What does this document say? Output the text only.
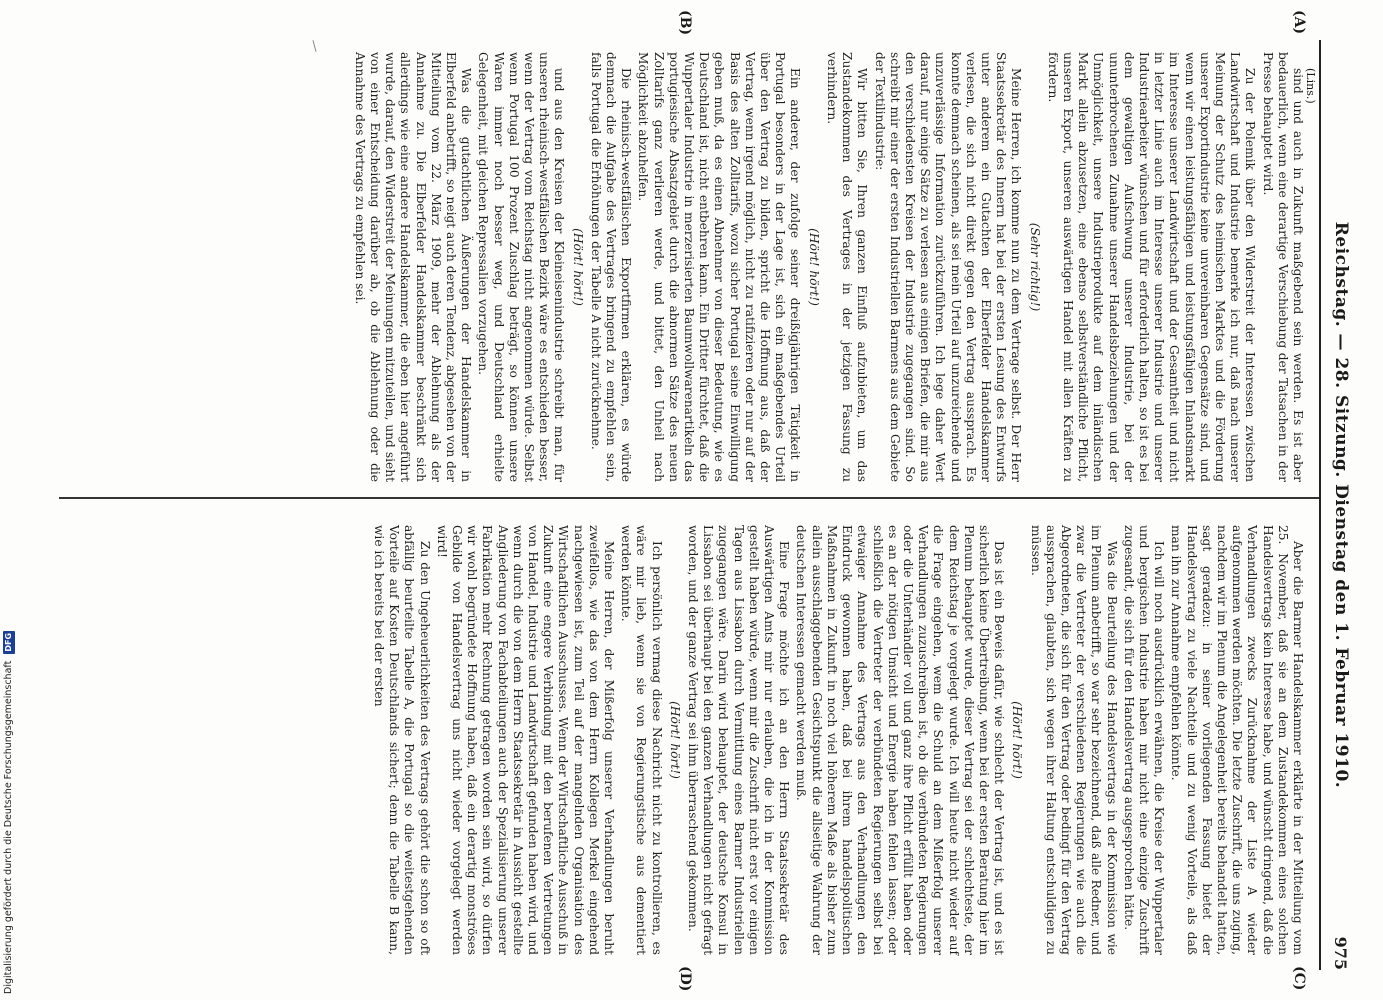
Reichstag. — 28. Sitzung. Dienstag den 1. Februar 1910.
975
(Lins.)
(A)
(B)
(C)
(D)

sind und auch in Zukunft maßgebend sein werden. Es ist aber bedauerlich, wenn eine derartige Verschiebung der Tatsachen in der Presse behauptet wird.

Zu der Polemik über den Widerstreit der Interessen zwischen Landwirtschaft und Industrie bemerke ich nur, daß nach unserer Meinung der Schutz des heimischen Marktes und die Förderung unserer Exportindustrie keine unvereinbaren Gegensätze sind, und wenn wir einen leistungsfähigen und leistungsfähigen Inlandsmarkt im Interesse unserer Landwirtschaft und der Gesamtheit und nicht in letzter Linie auch im Interesse unserer Industrie und unserer Industriearbeiter wünschen und für erforderlich halten, so ist es bei dem gewaltigen Aufschwung unserer Industrie, bei der ununterbrochenen Zunahme unserer Handelsbeziehungen und der Unmöglichkeit, unsere Industrieprodukte auf dem inländischen Markt allein abzusetzen, eine ebenso selbstverständliche Pflicht, unseren Export, unseren auswärtigen Handel mit allen Kräften zu fördern.

(Sehr richtig!)

Meine Herren, ich komme nun zu dem Vertrage selbst. Der Herr Staatssekretär des Innern hat bei der ersten Lesung des Entwurfs unter anderem ein Gutachten der Elberfelder Handelskammer verlesen, die sich nicht direkt gegen den Vertrag aussprach. Es konnte demnach scheinen, als sei mein Urteil auf unzureichende und unzuverlässige Information zurückzuführen. Ich lege daher Wert darauf, nur einige Sätze zu verlesen aus einigen Briefen, die mir aus den verschiedensten Kreisen der Industrie zugegangen sind. So schreibt mir einer der ersten Industriellen Barmens aus dem Gebiete der Textilindustrie:

Wir bitten Sie, Ihren ganzen Einfluß aufzubieten, um das Zustandekommen des Vertrages in der jetzigen Fassung zu verhindern.

(Hört! hört!)

Ein anderer, der zufolge seiner dreißigjährigen Tätigkeit in Portugal besonders in der Lage ist, sich ein maßgebendes Urteil über den Vertrag zu bilden, spricht die Hoffnung aus, daß der Vertrag, wenn irgend möglich, nicht zu ratifizieren oder nur auf der Basis des alten Zolltarifs, wozu sicher Portugal seine Einwilligung geben muß, da es einen Abnehmer von dieser Bedeutung, wie es Deutschland ist, nicht entbehren kann. Ein Dritter fürchtet, daß die Wuppertaler Industrie in merzerisierten Baumwollwarenartikeln das portugiesische Absatzgebiet durch die abnormen Sätze des neuen Zolltarifs ganz verlieren werde, und bittet, den Unheil nach Möglichkeit abzuhelfen.

Die rheinisch-westfälischen Exportfirmen erklären, es würde demnach die Aufgabe des Vertrages bringend zu empfehlen sein, falls Portugal die Erhöhungen der Tabelle A nicht zurücknehme.

(Hört! hört!)

und aus den Kreisen der Kleineisenindustrie schreibt man, für unseren rheinisch-westfälischen Bezirk wäre es entschieden besser, wenn der Vertrag vom Reichstag nicht angenommen würde. Selbst wenn Portugal 100 Prozent Zuschlag beträgt, so können unsere Waren immer noch besser weg, und Deutschland erhielte Gelegenheit, mit gleichen Repressalien vorzugehen.

Was die gutachtlichen Äußerungen der Handelskammer in Elberfeld anbetrifft, so neigt auch deren Tendenz, abgesehen von der Mitteilung vom 22. März 1909, mehr der Ablehnung als der Annahme zu. Die Elberfelder Handelskammer beschränkt sich allerdings wie eine andere Handelskammer, die eben hier angeführt wurde, darauf, den Widerstreit der Meinungen mitzuteilen, und sieht von einer Entscheidung darüber ab, ob die Ablehnung oder die Annahme des Vertrags zu empfehlen sei.

Aber die Barmer Handelskammer erklärte in der Mitteilung vom 25. November, daß sie an dem Zustandekommen eines solchen Handelsvertrags kein Interesse habe, und wünscht dringend, daß die Verhandlungen zwecks Zurücknahme der Liste A wieder aufgenommen werden möchten. Die letzte Zuschrift, die uns zuging, nachdem wir im Plenum die Angelegenheit bereits behandelt hatten, sagt geradezu: in seiner vorliegenden Fassung bietet der Handelsvertrag zu viele Nachteile und zu wenig Vorteile, als daß man ihn zur Annahme empfehlen könnte.

Ich will noch ausdrücklich erwähnen, die Kreise der Wuppertaler und bergischen Industrie haben mir nicht eine einzige Zuschrift zugesandt, die sich für den Handelsvertrag ausgesprochen hätte.

Was die Beurteilung des Handelsvertrags in der Kommission wie im Plenum anbetrifft, so war sehr bezeichnend, daß alle Redner, und zwar die Vertreter der verschiedenen Regierungen wie auch die Abgeordneten, die sich für den Vertrag oder bedingt für den Vertrag aussprachen, glaubten, sich wegen ihrer Haltung entschuldigen zu müssen.

(Hört! hört!)

Das ist ein Beweis dafür, wie schlecht der Vertrag ist, und es ist sicherlich keine Übertreibung, wenn bei der ersten Beratung hier im Plenum behauptet wurde, dieser Vertrag sei der schlechteste, der dem Reichstag je vorgelegt wurde. Ich will heute nicht wieder auf die Frage eingehen, wem die Schuld an dem Mißerfolg unserer Verhandlungen zuzuschreiben ist, ob die verbündeten Regierungen oder die Unterhändler voll und ganz ihre Pflicht erfüllt haben oder es an der nötigen Umsicht und Energie haben fehlen lassen; oder schließlich die Vertreter der verbündeten Regierungen selbst bei etwaiger Annahme des Vertrags aus den Verhandlungen den Eindruck gewonnen haben, daß bei ihrem handelspolitischen Maßnahmen in Zukunft in noch viel höherem Maße als bisher zum allein ausschlaggebenden Gesichtspunkt die allseitige Wahrung der deutschen Interessen gemacht werden muß.

Eine Frage möchte ich an den Herrn Staatssekretär des Auswärtigen Amts mir nur erlauben, die ich in der Kommission gestellt haben würde, wenn mir die Zuschrift nicht erst vor einigen Tagen aus Lissabon durch Vermittlung eines Barmer Industriellen zugegangen wäre. Darin wird behauptet, der deutsche Konsul in Lissabon sei überhaupt bei den ganzen Verhandlungen nicht gefragt worden, und der ganze Vertrag sei ihm überraschend gekommen.

(Hört! hört!)

Ich persönlich vermag diese Nachricht nicht zu kontrollieren, es wäre mir lieb, wenn sie von Regierungstische aus dementiert werden könnte.

Meine Herren, der Mißerfolg unserer Verhandlungen beruht zweifellos, wie das von dem Herrn Kollegen Merkel eingehend nachgewiesen ist, zum Teil auf der mangelnden Organisation des Wirtschaftlichen Ausschusses. Wenn der Wirtschaftliche Ausschuß in Zukunft eine engere Verbindung mit den berufenen Vertretungen von Handel, Industrie und Landwirtschaft gefunden haben wird, und wenn durch die von dem Herrn Staatssekretär in Aussicht gestellte Angliederung von Fachabteilungen auch der Spezialisierung unserer Fabrikation mehr Rechnung getragen worden sein wird, so dürfen wir wohl begründete Hoffnung haben, daß ein derartig monströses Gebilde von Handelsvertrag uns nicht wieder vorgelegt werden wird!

Zu den Ungeheuerlichkeiten des Vertrags gehört die schon so oft abfällig beurteilte Tabelle A, die Portugal so die weitestgehenden Vorteile auf Kosten Deutschlands sichert; denn die Tabelle B kann, wie ich bereits bei der ersten

Digitalisierung gefördert durch die Deutsche Forschungsgemeinschaft DFG
